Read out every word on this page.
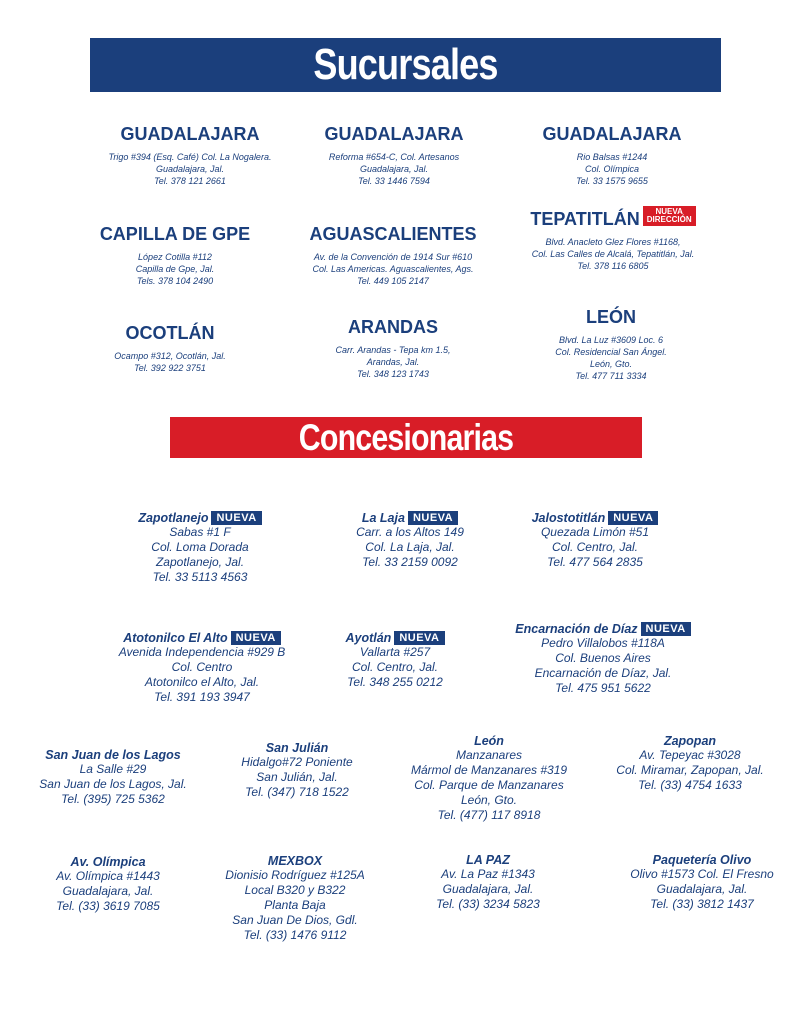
Sucursales
GUADALAJARA
Trigo #394 (Esq. Café) Col. La Nogalera.
Guadalajara, Jal.
Tel. 378 121 2661
GUADALAJARA
Reforma #654-C, Col. Artesanos
Guadalajara, Jal.
Tel. 33 1446 7594
GUADALAJARA
Rio Balsas #1244
Col. Olímpica
Tel. 33 1575 9655
CAPILLA DE GPE
López Cotilla #112
Capilla de Gpe, Jal.
Tels. 378 104 2490
AGUASCALIENTES
Av. de la Convención de 1914 Sur #610
Col. Las Americas. Aguascalientes, Ags.
Tel. 449 105 2147
TEPATITLÁN	NUEVA
DIRECCIÓN
Blvd. Anacleto Glez Flores #1168,
Col. Las Calles de Alcalá, Tepatitlán, Jal.
Tel. 378 116 6805
OCOTLÁN
Ocampo #312, Ocotlán, Jal.
Tel. 392 922 3751
ARANDAS
Carr. Arandas - Tepa km 1.5,
Arandas, Jal.
Tel. 348 123 1743
LEÓN
Blvd. La Luz #3609 Loc. 6
Col. Residencial San Ángel.
León, Gto.
Tel. 477 711 3334
Concesionarias
Zapotlanejo NUEVA
Sabas #1 F
Col. Loma Dorada
Zapotlanejo, Jal.
Tel. 33 5113 4563
La Laja NUEVA
Carr. a los Altos 149
Col. La Laja, Jal.
Tel. 33 2159 0092
Jalostotitlán NUEVA
Quezada Limón #51
Col. Centro, Jal.
Tel. 477 564 2835
Atotonilco El Alto NUEVA
Avenida Independencia #929 B
Col. Centro
Atotonilco el Alto, Jal.
Tel. 391 193 3947
Ayotlán NUEVA
Vallarta #257
Col. Centro, Jal.
Tel. 348 255 0212
Encarnación de Díaz NUEVA
Pedro Villalobos #118A
Col. Buenos Aires
Encarnación de Díaz, Jal.
Tel. 475 951 5622
San Juan de los Lagos
La Salle #29
San Juan de los Lagos, Jal.
Tel. (395) 725 5362
San Julián
Hidalgo#72 Poniente
San Julián, Jal.
Tel. (347) 718 1522
León
Manzanares
Mármol de Manzanares #319
Col. Parque de Manzanares
León, Gto.
Tel. (477) 117 8918
Zapopan
Av. Tepeyac #3028
Col. Miramar, Zapopan, Jal.
Tel. (33) 4754 1633
Av. Olímpica
Av. Olímpica #1443
Guadalajara, Jal.
Tel. (33) 3619 7085
MEXBOX
Dionisio Rodríguez #125A
Local B320 y B322
Planta Baja
San Juan De Dios, Gdl.
Tel. (33) 1476 9112
LA PAZ
Av. La Paz #1343
Guadalajara, Jal.
Tel. (33) 3234 5823
Paquetería Olivo
Olivo #1573 Col. El Fresno
Guadalajara, Jal.
Tel. (33) 3812 1437
